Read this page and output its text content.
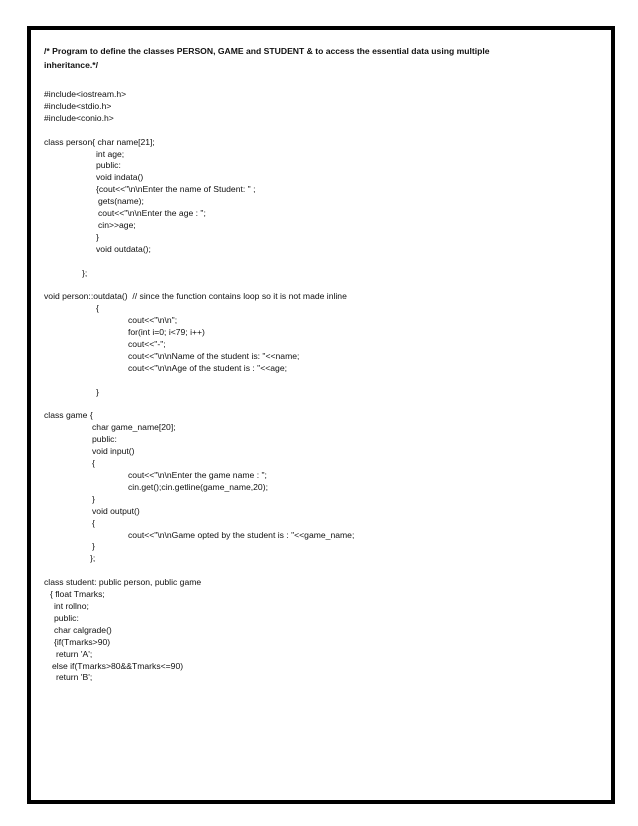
/* Program to define the classes PERSON, GAME and STUDENT & to access the essential data using multiple
inheritance.*/

#include<iostream.h>
#include<stdio.h>
#include<conio.h>
class person{ char name[21];
int age;
public:
void indata()
{cout<<"\n\nEnter the name of Student: " ;
gets(name);
cout<<"\n\nEnter the age : ";
cin>>age;
}
void outdata();
};
void person::outdata()  // since the function contains loop so it is not made inline
{
cout<<"\n\n";
for(int i=0; i<79; i++)
cout<<"-";
cout<<"\n\nName of the student is: "<<name;
cout<<"\n\nAge of the student is : "<<age;
}
class game {
char game_name[20];
public:
void input()
{
cout<<"\n\nEnter the game name : ";
cin.get();cin.getline(game_name,20);
}
void output()
{
cout<<"\n\nGame opted by the student is : "<<game_name;
}
};
class student: public person, public game
{ float Tmarks;
int rollno;
public:
char calgrade()
{if(Tmarks>90)
return 'A';
else if(Tmarks>80&&Tmarks<=90)
return 'B';
